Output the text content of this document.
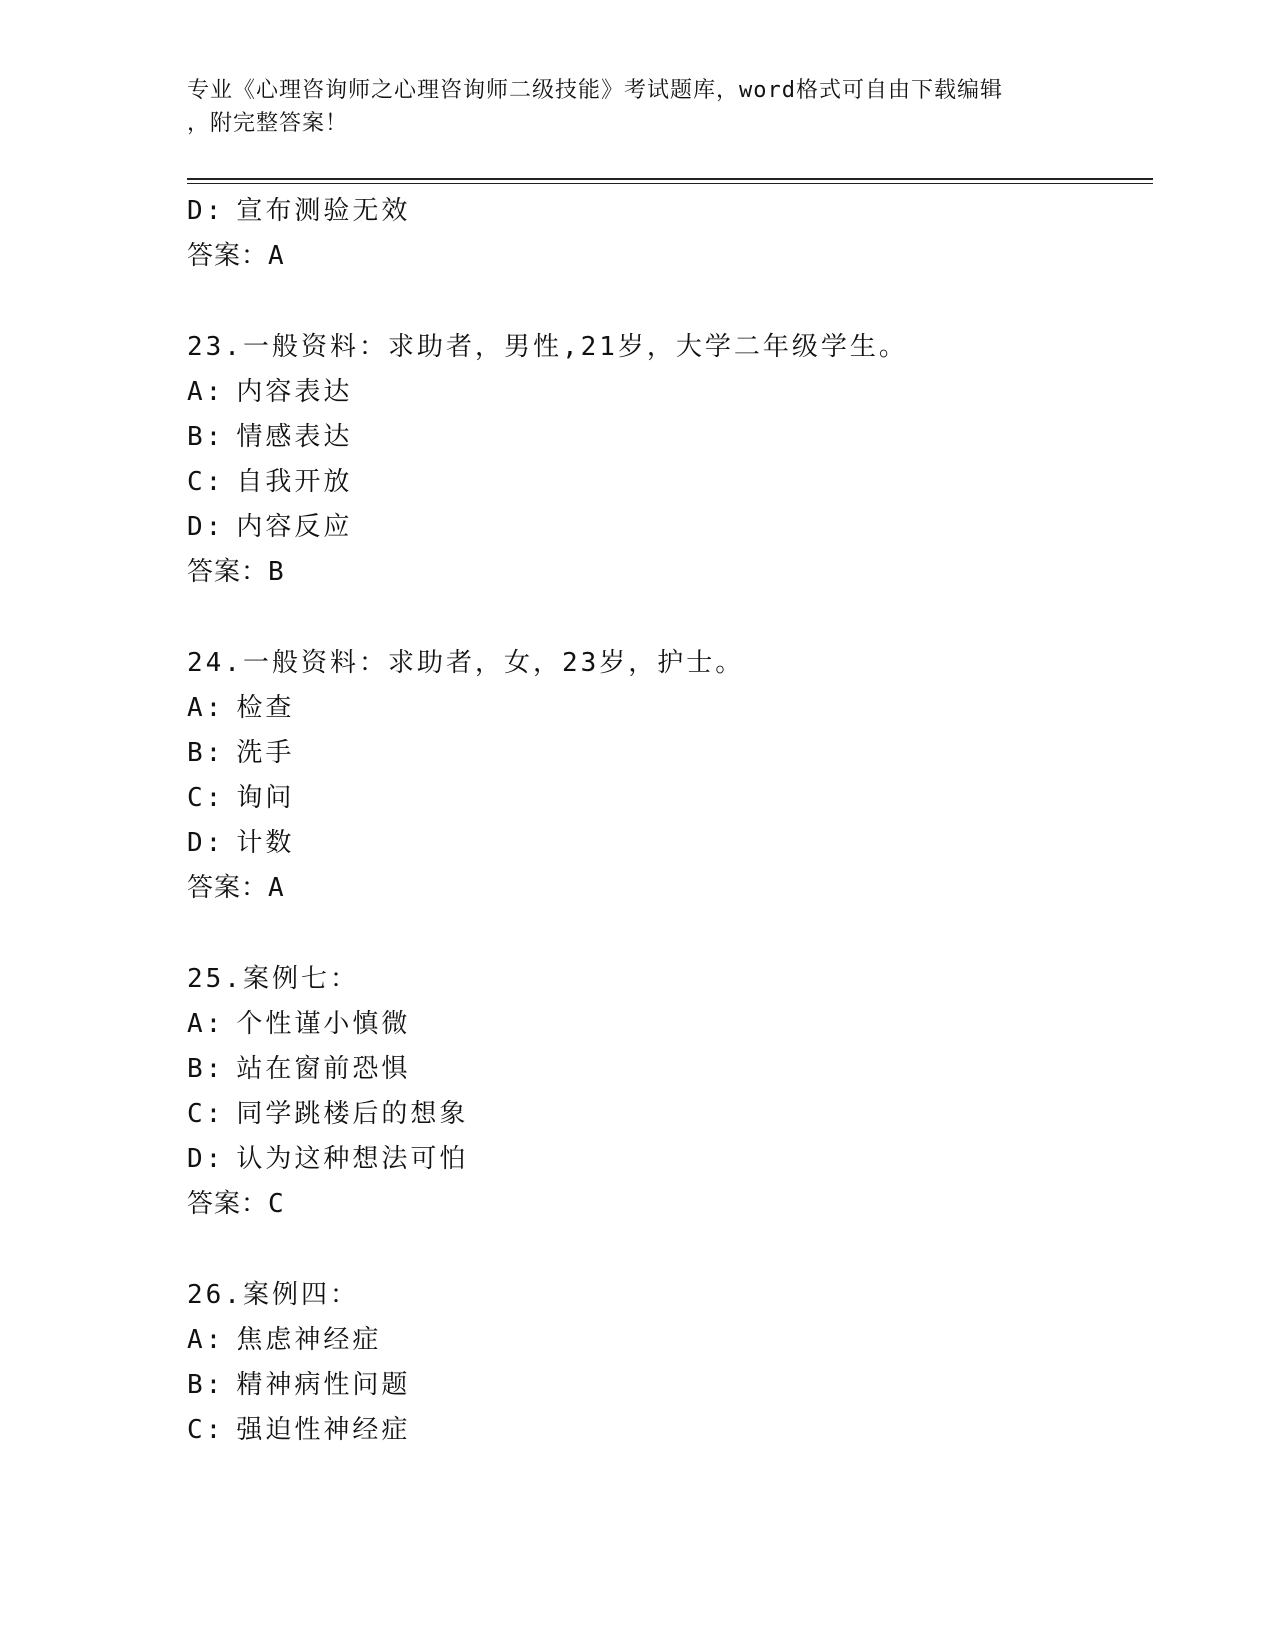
专业《心理咨询师之心理咨询师二级技能》考试题库，word格式可自由下载编辑
，附完整答案！
D: 宣布测验无效
答案：A
23.一般资料：求助者，男性,21岁，大学二年级学生。
A: 内容表达
B: 情感表达
C: 自我开放
D: 内容反应
答案：B
24.一般资料：求助者，女，23岁，护士。
A: 检查
B: 洗手
C: 询问
D: 计数
答案：A
25.案例七：
A: 个性谨小慎微
B: 站在窗前恐惧
C: 同学跳楼后的想象
D: 认为这种想法可怕
答案：C
26.案例四：
A: 焦虑神经症
B: 精神病性问题
C: 强迫性神经症
